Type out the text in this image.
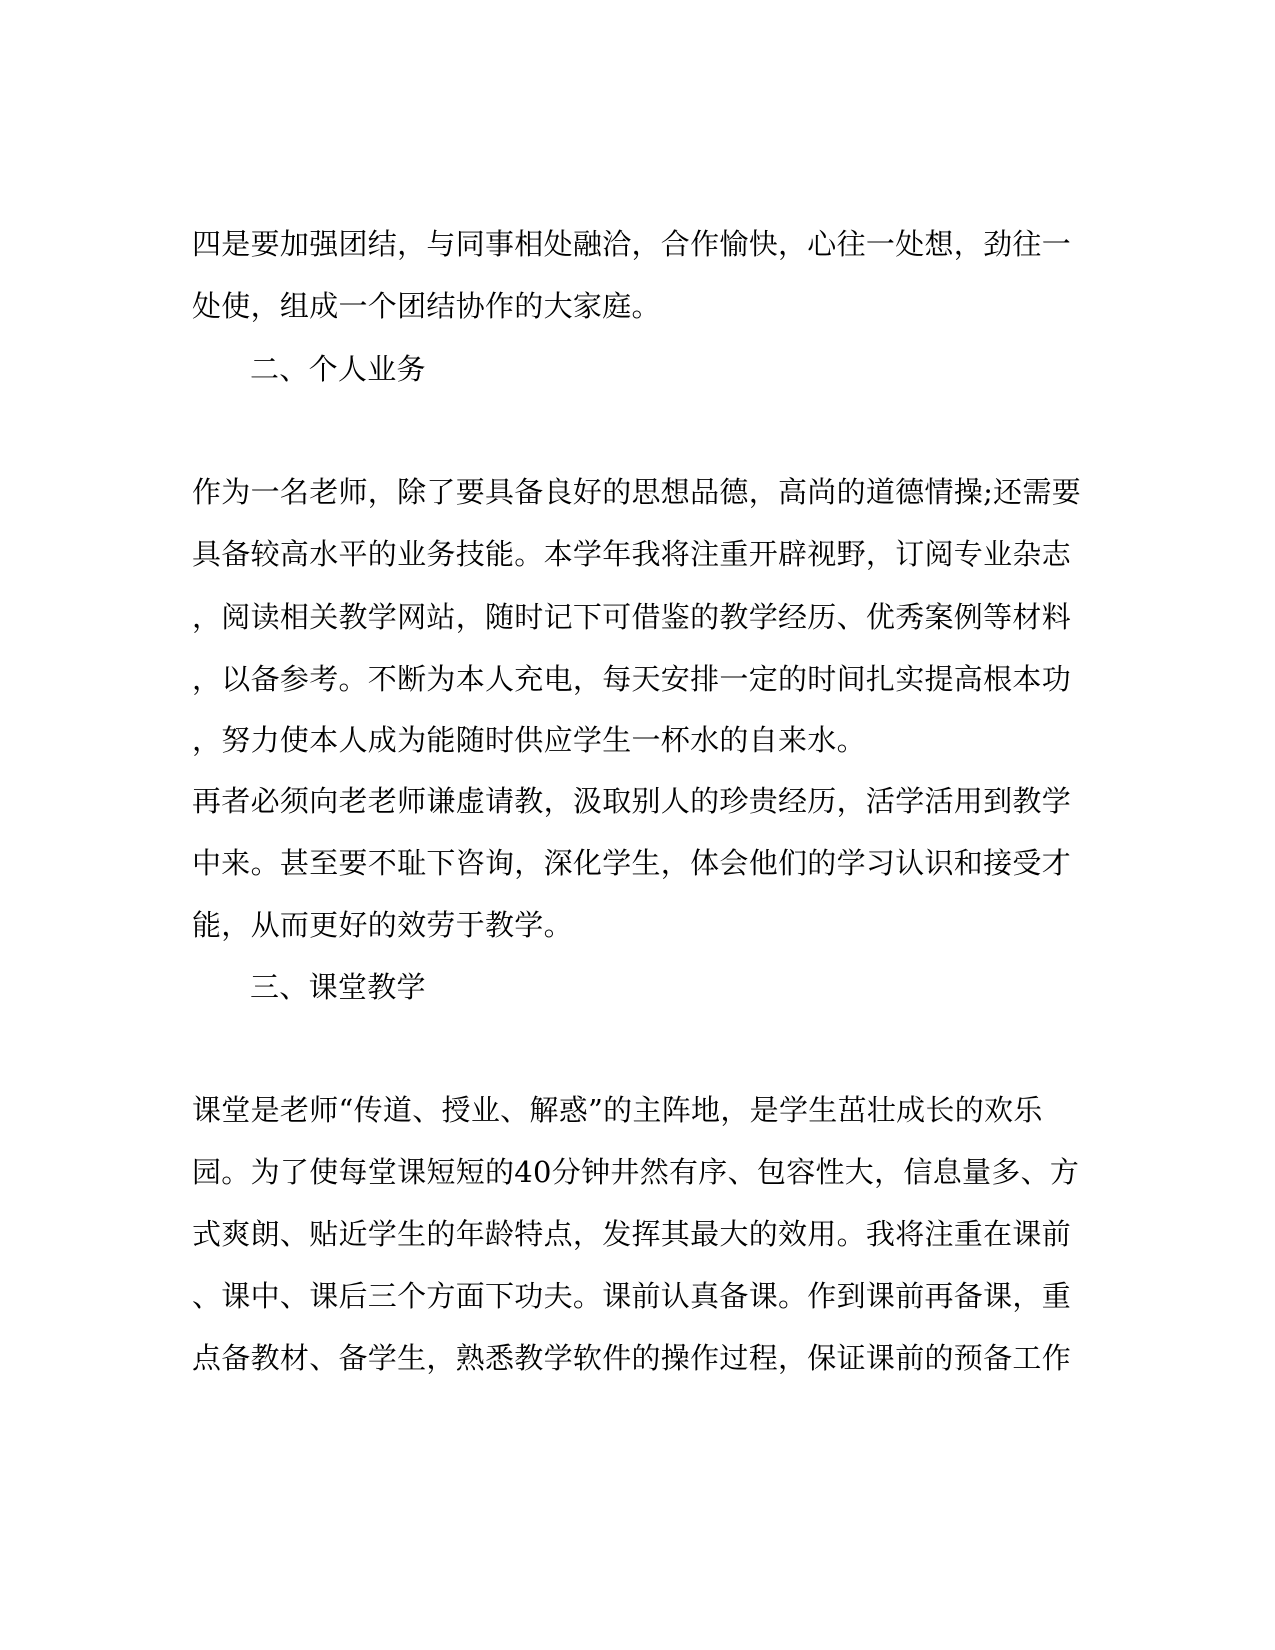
四是要加强团结，与同事相处融洽，合作愉快，心往一处想，劲往一
处使，组成一个团结协作的大家庭。
二、个人业务
作为一名老师，除了要具备良好的思想品德，高尚的道德情操;还需要
具备较高水平的业务技能。本学年我将注重开辟视野，订阅专业杂志
，阅读相关教学网站，随时记下可借鉴的教学经历、优秀案例等材料
，以备参考。不断为本人充电，每天安排一定的时间扎实提高根本功
，努力使本人成为能随时供应学生一杯水的自来水。
再者必须向老老师谦虚请教，汲取别人的珍贵经历，活学活用到教学
中来。甚至要不耻下咨询，深化学生，体会他们的学习认识和接受才
能，从而更好的效劳于教学。
三、课堂教学
课堂是老师“传道、授业、解惑”的主阵地，是学生茁壮成长的欢乐
园。为了使每堂课短短的40分钟井然有序、包容性大，信息量多、方
式爽朗、贴近学生的年龄特点，发挥其最大的效用。我将注重在课前
、课中、课后三个方面下功夫。课前认真备课。作到课前再备课，重
点备教材、备学生，熟悉教学软件的操作过程，保证课前的预备工作
